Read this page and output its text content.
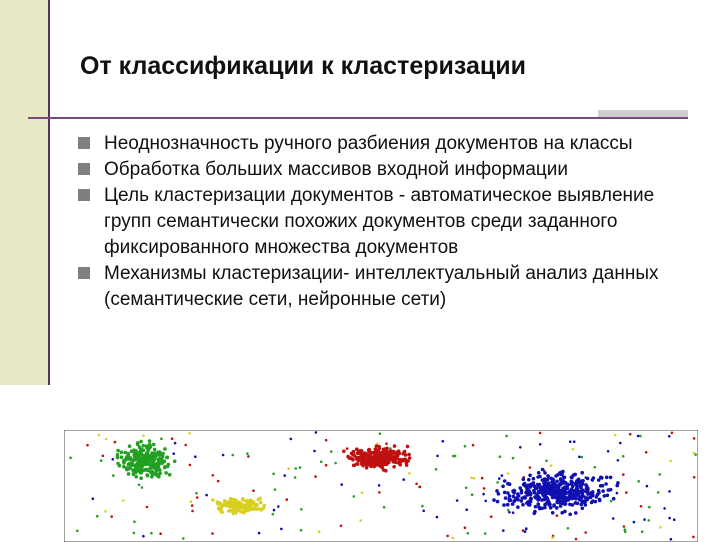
От классификации к кластеризации
Неоднозначность ручного разбиения документов на классы
Обработка больших массивов входной информации
Цель кластеризации документов - автоматическое выявление групп семантически похожих документов среди заданного фиксированного множества документов
Механизмы кластеризации- интеллектуальный анализ данных (семантические сети, нейронные сети)
